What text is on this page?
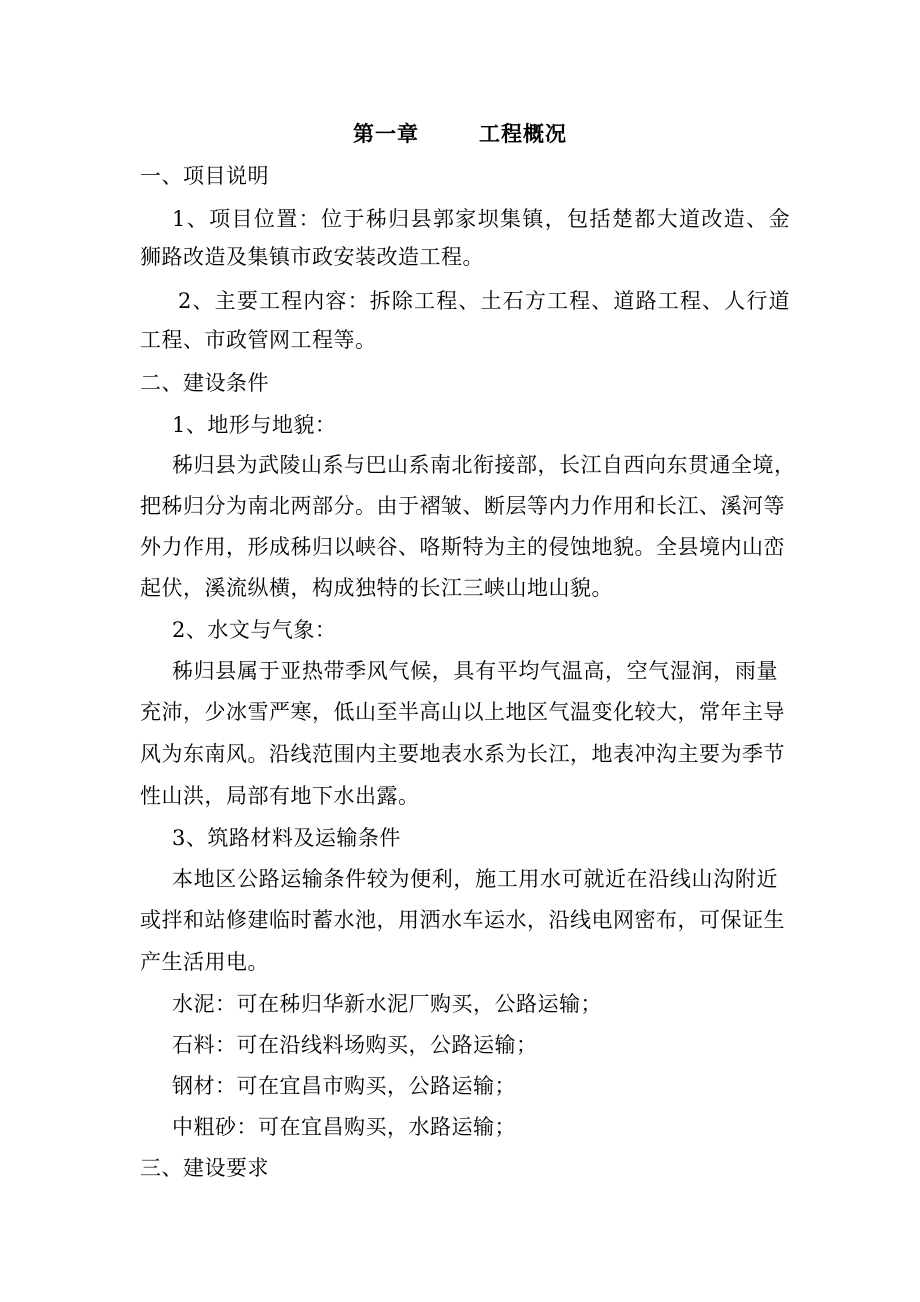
第一章	工程概况
一、项目说明
1、项目位置：位于秭归县郭家坝集镇，包括楚都大道改造、金
狮路改造及集镇市政安装改造工程。
2、主要工程内容：拆除工程、土石方工程、道路工程、人行道
工程、市政管网工程等。
二、建设条件
1、地形与地貌：
秭归县为武陵山系与巴山系南北衔接部，长江自西向东贯通全境，
把秭归分为南北两部分。由于褶皱、断层等内力作用和长江、溪河等
外力作用，形成秭归以峡谷、咯斯特为主的侵蚀地貌。全县境内山峦
起伏，溪流纵横，构成独特的长江三峡山地山貌。
2、水文与气象：
秭归县属于亚热带季风气候，具有平均气温高，空气湿润，雨量
充沛，少冰雪严寒，低山至半高山以上地区气温变化较大，常年主导
风为东南风。沿线范围内主要地表水系为长江，地表冲沟主要为季节
性山洪，局部有地下水出露。
3、筑路材料及运输条件
本地区公路运输条件较为便利，施工用水可就近在沿线山沟附近
或拌和站修建临时蓄水池，用洒水车运水，沿线电网密布，可保证生
产生活用电。
水泥：可在秭归华新水泥厂购买，公路运输；
石料：可在沿线料场购买，公路运输；
钢材：可在宜昌市购买，公路运输；
中粗砂：可在宜昌购买，水路运输；
三、建设要求
